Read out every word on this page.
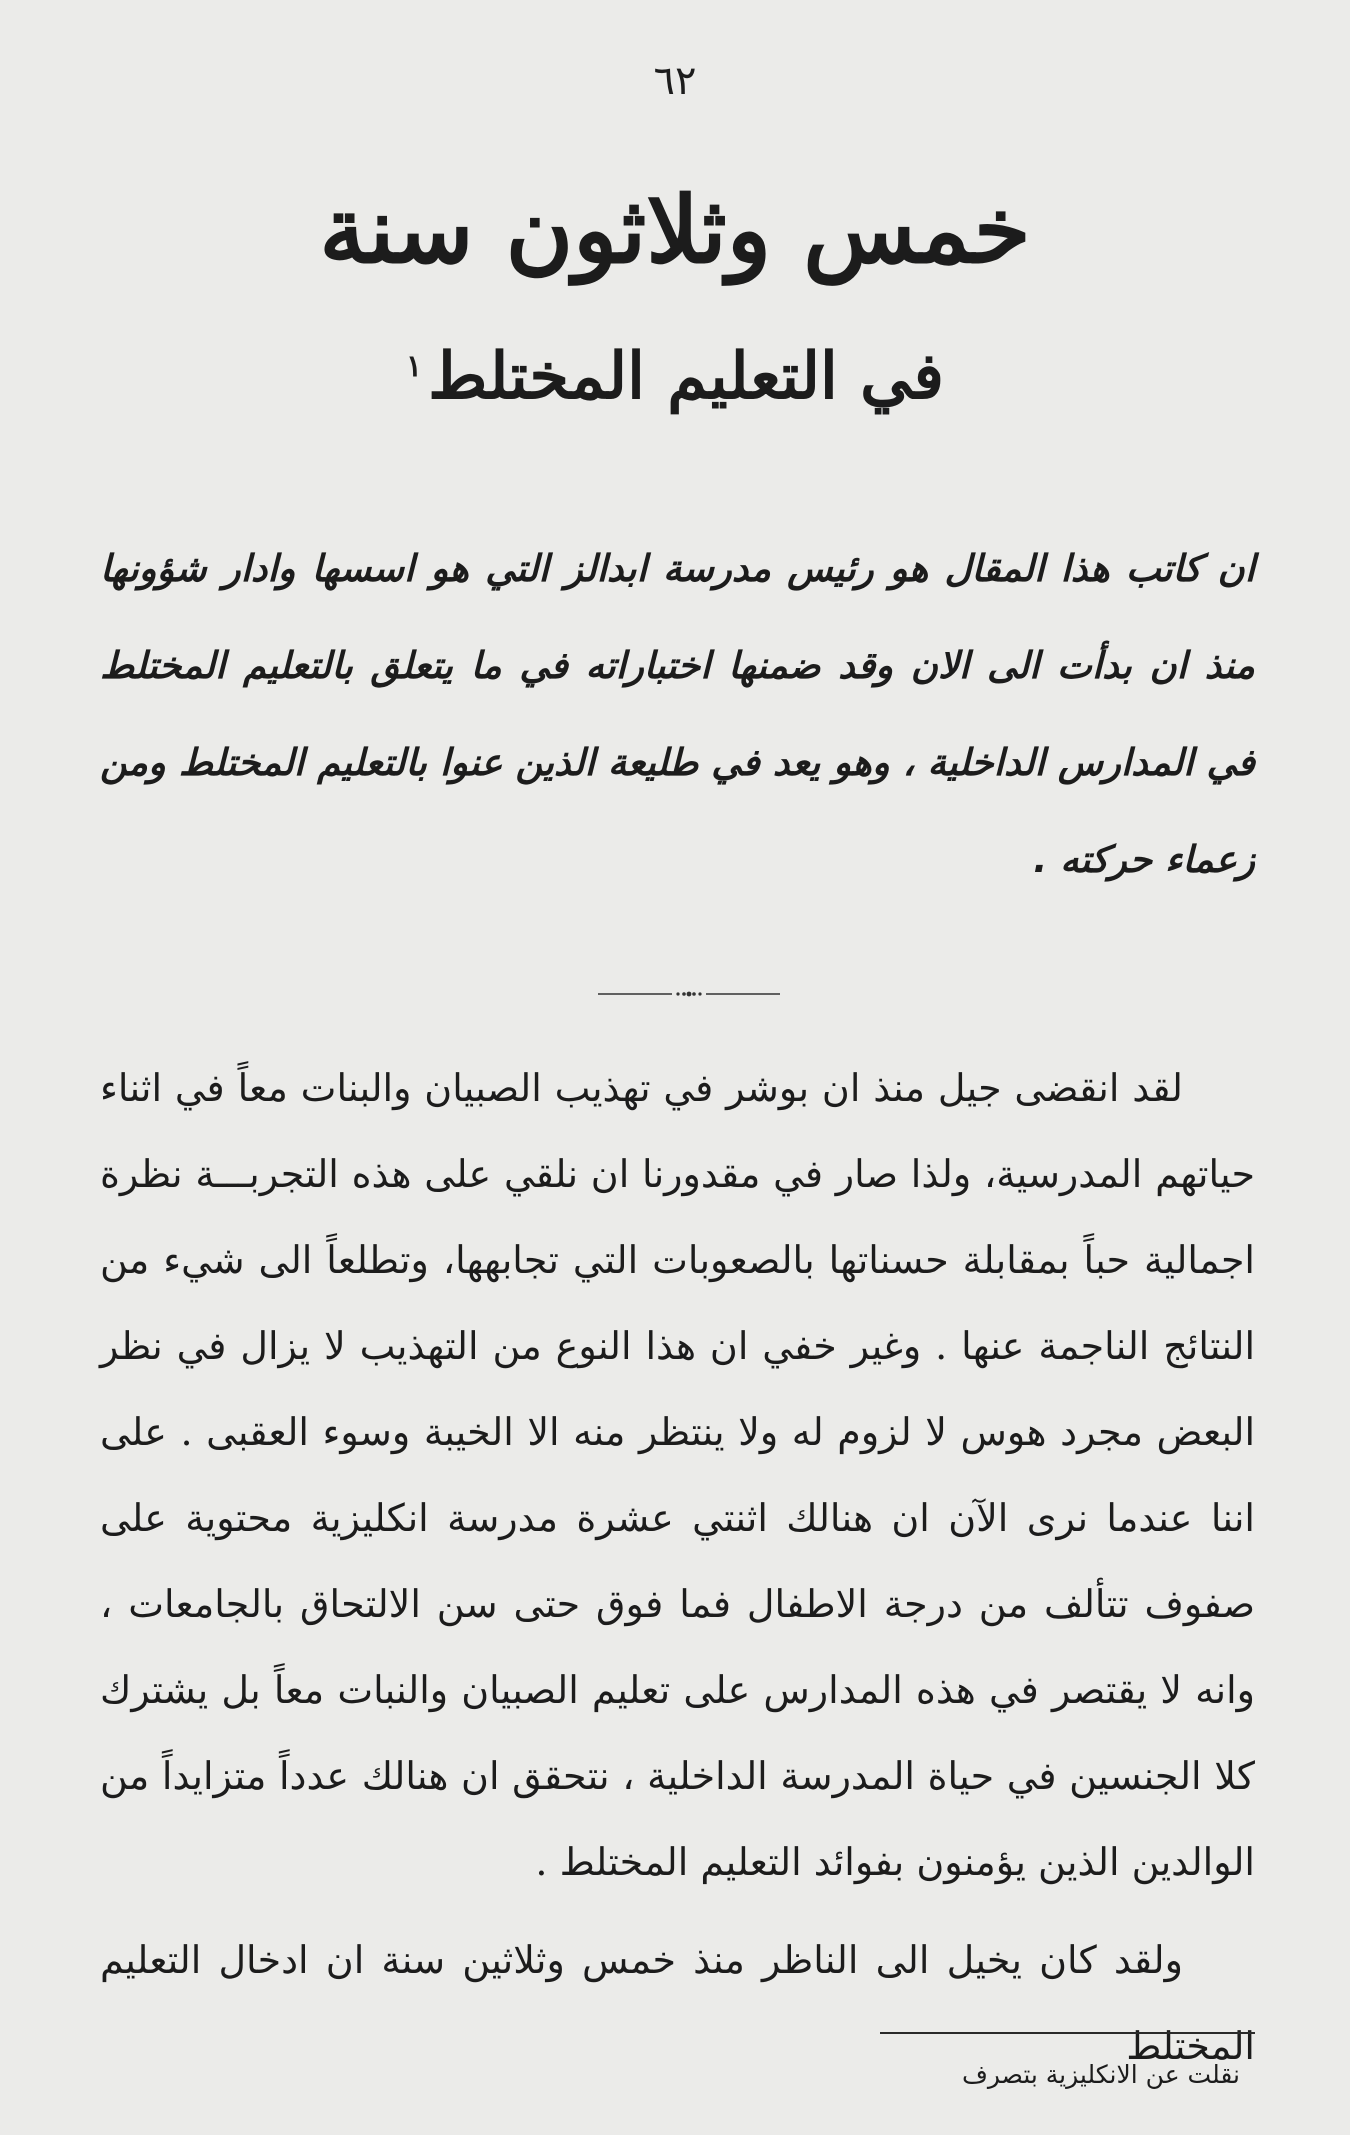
٦٢
خمس وثلاثون سنة
في التعليم المختلط$^١$

ان كاتب هذا المقال هو رئيس مدرسة ابدالز التي هو اسسها وادار شؤونها منذ ان بدأت الى الان وقد ضمنها اختباراته في ما يتعلق بالتعليم المختلط في المدارس الداخلية ، وهو يعد في طليعة الذين عنوا بالتعليم المختلط ومن زعماء حركته .

لقد انقضى جيل منذ ان بوشر في تهذيب الصبيان والبنات معاً في اثناء حياتهم المدرسية، ولذا صار في مقدورنا ان نلقي على هذه التجربـــة نظرة اجمالية حباً بمقابلة حسناتها بالصعوبات التي تجابهها، وتطلعاً الى شيء من النتائج الناجمة عنها . وغير خفي ان هذا النوع من التهذيب لا يزال في نظر البعض مجرد هوس لا لزوم له ولا ينتظر منه الا الخيبة وسوء العقبى . على اننا عندما نرى الآن ان هنالك اثنتي عشرة مدرسة انكليزية محتوية على صفوف تتألف من درجة الاطفال فما فوق حتى سن الالتحاق بالجامعات ، وانه لا يقتصر في هذه المدارس على تعليم الصبيان والنبات معاً بل يشترك كلا الجنسين في حياة المدرسة الداخلية ، نتحقق ان هنالك عدداً متزايداً من الوالدين الذين يؤمنون بفوائد التعليم المختلط .

ولقد كان يخيل الى الناظر منذ خمس وثلاثين سنة ان ادخال التعليم المختلط

نقلت عن الانكليزية بتصرف
